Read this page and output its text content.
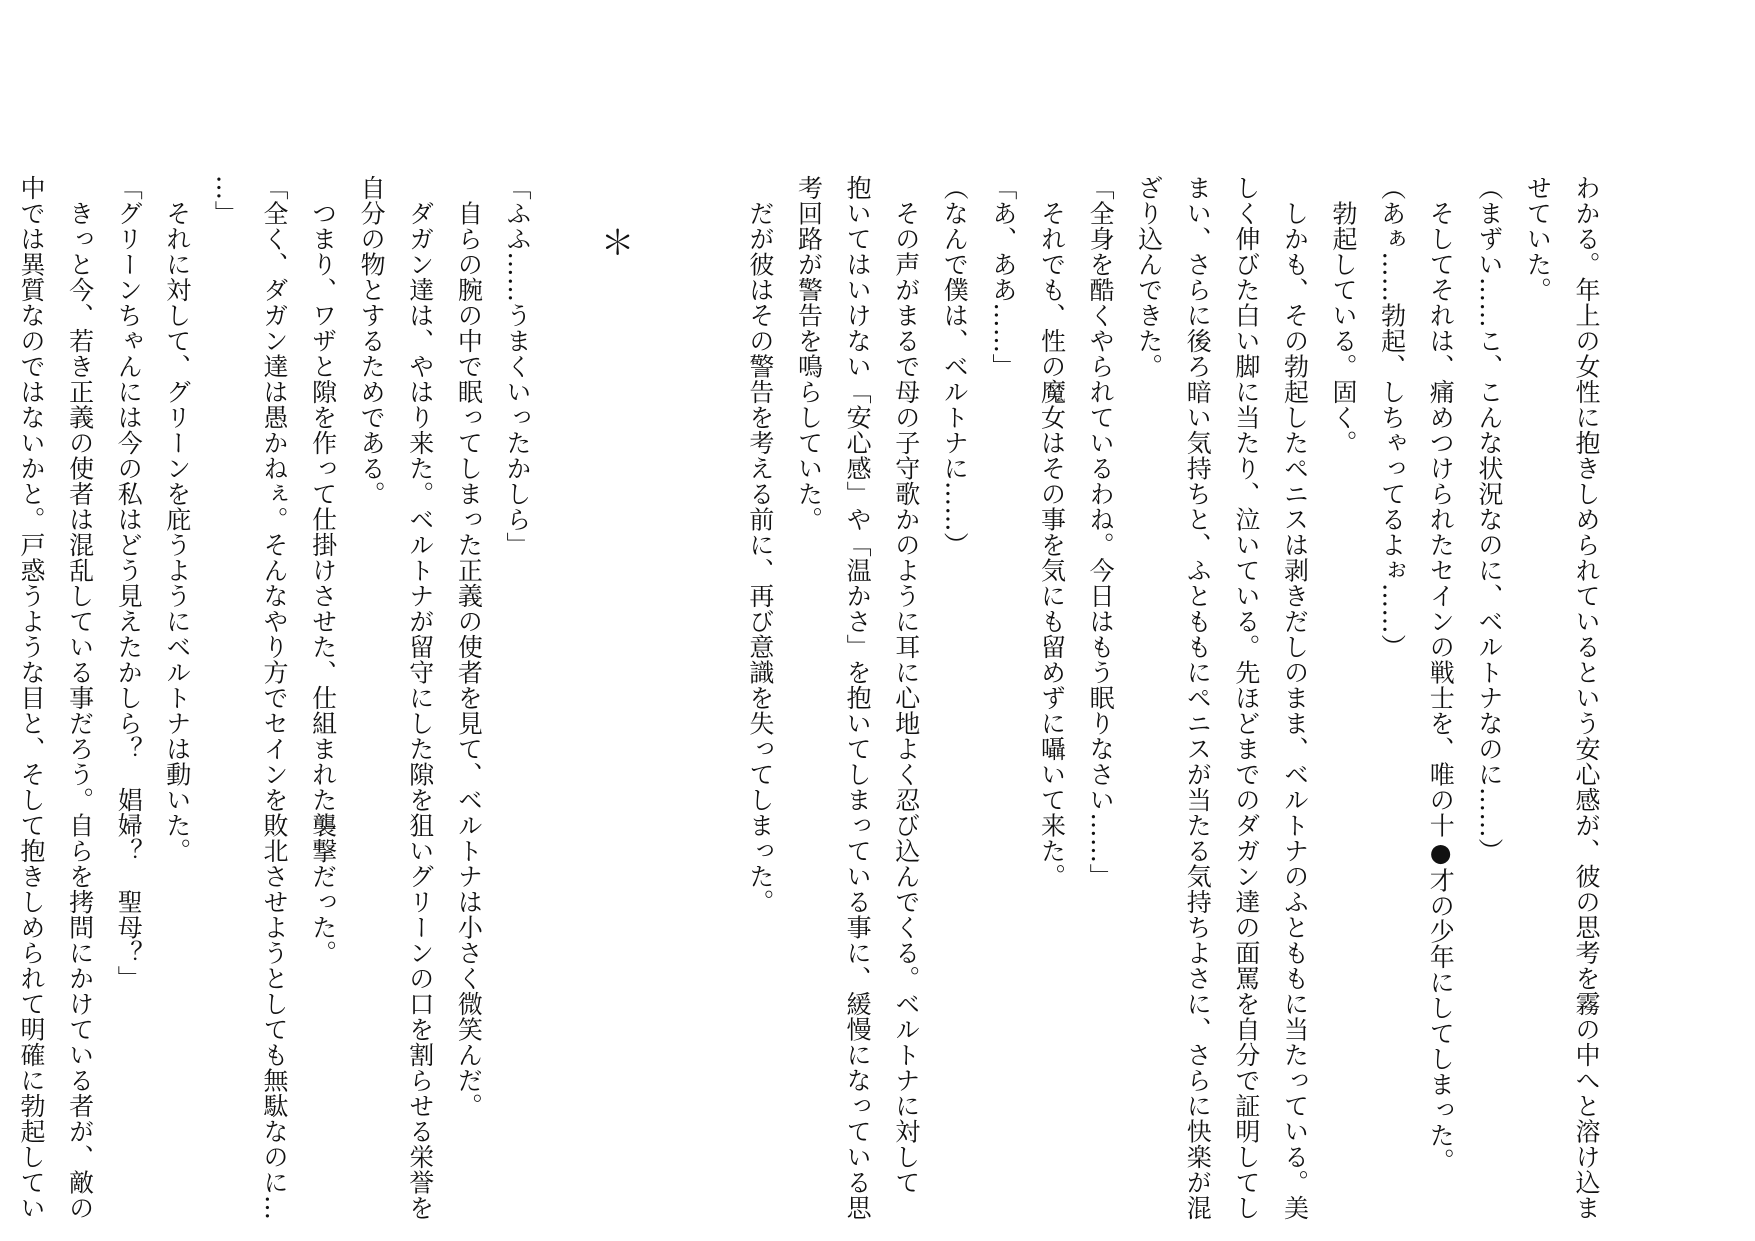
わかる。年上の女性に抱きしめられているという安心感が、彼の思考を霧の中へと溶け込ま
せていた。
（まずい……こ、こんな状況なのに、ベルトナなのに……）
　そしてそれは、痛めつけられたセインの戦士を、唯の十●才の少年にしてしまった。
（あぁ……勃起、しちゃってるよぉ……）
　勃起している。固く。
　しかも、その勃起したペニスは剥きだしのまま、ベルトナのふとももに当たっている。美
しく伸びた白い脚に当たり、泣いている。先ほどまでのダガン達の面罵を自分で証明してし
まい、さらに後ろ暗い気持ちと、ふとももにペニスが当たる気持ちよさに、さらに快楽が混
ざり込んできた。
「全身を酷くやられているわね。今日はもう眠りなさい……」
　それでも、性の魔女はその事を気にも留めずに囁いて来た。
「あ、ああ……」
（なんで僕は、ベルトナに……）
　その声がまるで母の子守歌かのように耳に心地よく忍び込んでくる。ベルトナに対して
抱いてはいけない「安心感」や「温かさ」を抱いてしまっている事に、緩慢になっている思
考回路が警告を鳴らしていた。
　だが彼はその警告を考える前に、再び意識を失ってしまった。
＊
「ふふ……うまくいったかしら」
　自らの腕の中で眠ってしまった正義の使者を見て、ベルトナは小さく微笑んだ。
　ダガン達は、やはり来た。ベルトナが留守にした隙を狙いグリーンの口を割らせる栄誉を
自分の物とするためである。
　つまり、ワザと隙を作って仕掛けさせた、仕組まれた襲撃だった。
「全く、ダガン達は愚かねぇ。そんなやり方でセインを敗北させようとしても無駄なのに…
…」
　それに対して、グリーンを庇うようにベルトナは動いた。
「グリーンちゃんには今の私はどう見えたかしら？　娼婦？　聖母？」
　きっと今、若き正義の使者は混乱している事だろう。自らを拷問にかけている者が、敵の
中では異質なのではないかと。戸惑うような目と、そして抱きしめられて明確に勃起してい
